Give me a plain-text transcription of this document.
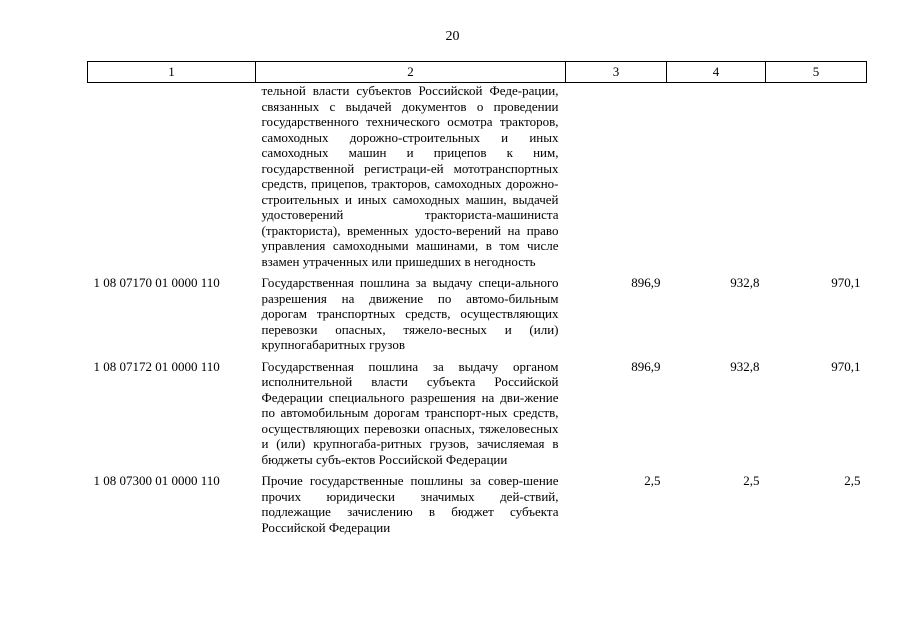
20
1	2	3	4	5
	тельной власти субъектов Российской Феде-рации, связанных с выдачей документов о проведении государственного технического осмотра тракторов, самоходных дорожно-строительных и иных самоходных машин и прицепов к ним, государственной регистраци-ей мототранспортных средств, прицепов, тракторов, самоходных дорожно-строительных и иных самоходных машин, выдачей удостоверений тракториста-машиниста (тракториста), временных удосто-верений на право управления самоходными машинами, в том числе взамен утраченных или пришедших в негодность			

1 08 07170 01 0000 110	Государственная пошлина за выдачу специ-ального разрешения на движение по автомо-бильным дорогам транспортных средств, осуществляющих перевозки опасных, тяжело-весных и (или) крупногабаритных грузов	896,9	932,8	970,1

1 08 07172 01 0000 110	Государственная пошлина за выдачу органом исполнительной власти субъекта Российской Федерации специального разрешения на дви-жение по автомобильным дорогам транспорт-ных средств, осуществляющих перевозки опасных, тяжеловесных и (или) крупногаба-ритных грузов, зачисляемая в бюджеты субъ-ектов Российской Федерации	896,9	932,8	970,1

1 08 07300 01 0000 110	Прочие государственные пошлины за совер-шение прочих юридически значимых дей-ствий, подлежащие зачислению в бюджет субъекта Российской Федерации	2,5	2,5	2,5
